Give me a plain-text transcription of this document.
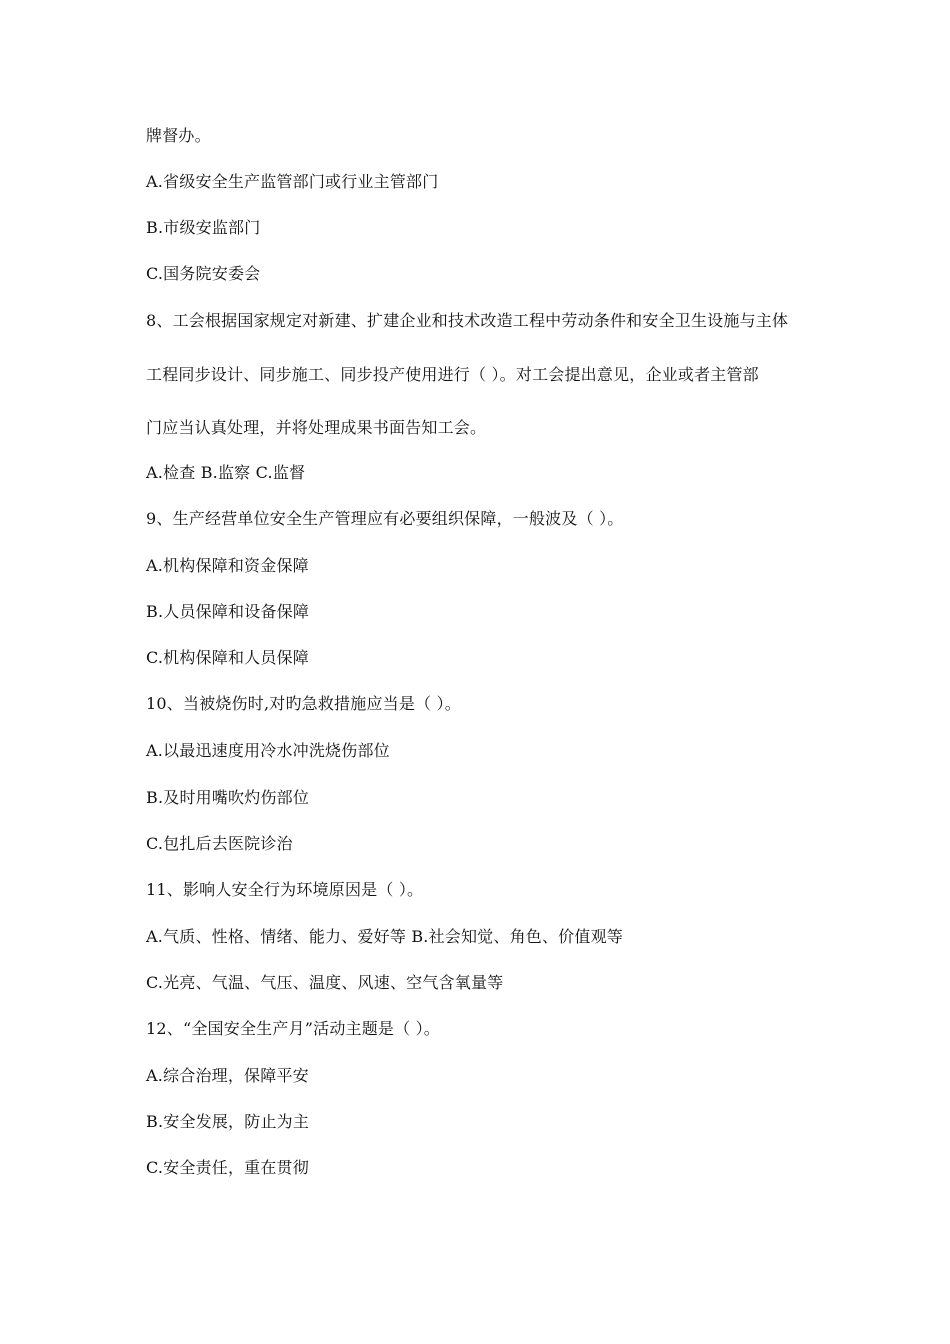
牌督办。
A.省级安全生产监管部门或行业主管部门
B.市级安监部门
C.国务院安委会
8、工会根据国家规定对新建、扩建企业和技术改造工程中劳动条件和安全卫生设施与主体
工程同步设计、同步施工、同步投产使用进行（ ）。对工会提出意见，企业或者主管部
门应当认真处理，并将处理成果书面告知工会。
A.检查 B.监察 C.监督
9、生产经营单位安全生产管理应有必要组织保障，一般波及（ ）。
A.机构保障和资金保障
B.人员保障和设备保障
C.机构保障和人员保障
10、当被烧伤时,对旳急救措施应当是（ ）。
A.以最迅速度用冷水冲洗烧伤部位
B.及时用嘴吹灼伤部位
C.包扎后去医院诊治
11、影响人安全行为环境原因是（ ）。
A.气质、性格、情绪、能力、爱好等 B.社会知觉、角色、价值观等
C.光亮、气温、气压、温度、风速、空气含氧量等
12、“全国安全生产月”活动主题是（ ）。
A.综合治理，保障平安
B.安全发展，防止为主
C.安全责任，重在贯彻
